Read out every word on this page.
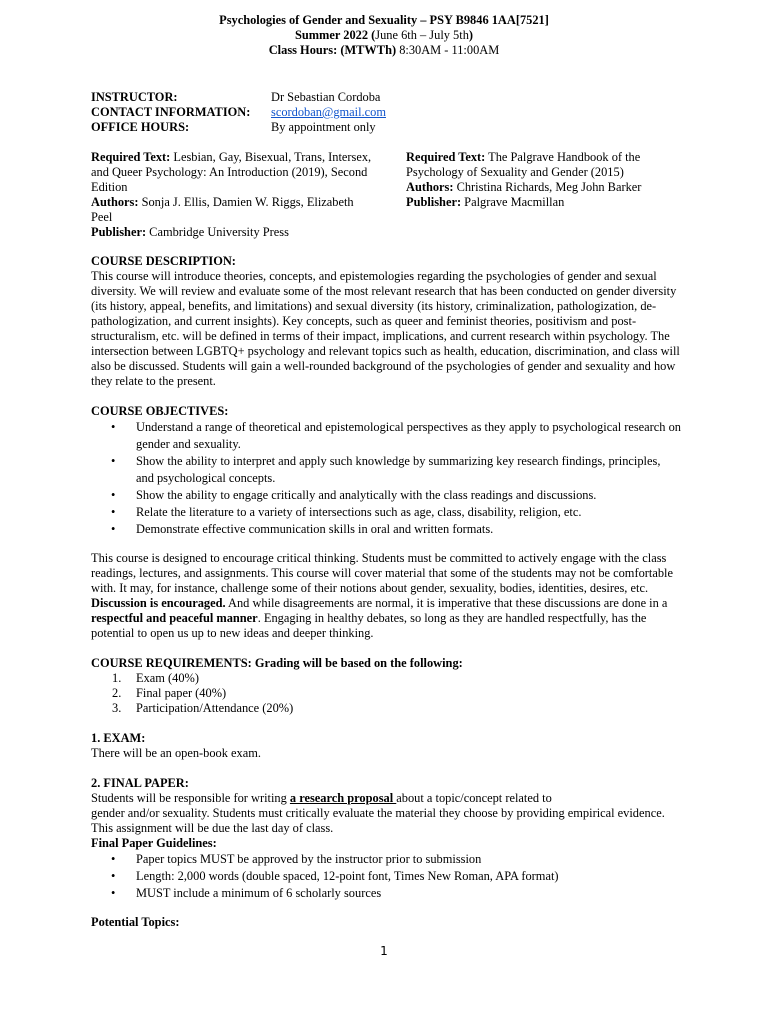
Psychologies of Gender and Sexuality – PSY B9846 1AA[7521]
Summer 2022 (June 6th – July 5th)
Class Hours: (MTWTh) 8:30AM - 11:00AM
INSTRUCTOR:	Dr Sebastian Cordoba
CONTACT INFORMATION: scordoban@gmail.com
OFFICE HOURS:	By appointment only

Required Text: Lesbian, Gay, Bisexual, Trans, Intersex, and Queer Psychology: An Introduction (2019), Second Edition

Authors: Sonja J. Ellis, Damien W. Riggs, Elizabeth Peel

Publisher: Cambridge University Press

Required Text: The Palgrave Handbook of the Psychology of Sexuality and Gender (2015)

Authors: Christina Richards, Meg John Barker

Publisher: Palgrave Macmillan

COURSE DESCRIPTION:

This course will introduce theories, concepts, and epistemologies regarding the psychologies of gender and sexual diversity. We will review and evaluate some of the most relevant research that has been conducted on gender diversity (its history, appeal, benefits, and limitations) and sexual diversity (its history, criminalization, pathologization, de-pathologization, and current insights). Key concepts, such as queer and feminist theories, positivism and post-structuralism, etc. will be defined in terms of their impact, implications, and current research within psychology. The intersection between LGBTQ+ psychology and relevant topics such as health, education, discrimination, and class will also be discussed. Students will gain a well-rounded background of the psychologies of gender and sexuality and how they relate to the present.

COURSE OBJECTIVES:
• Understand a range of theoretical and epistemological perspectives as they apply to psychological research on gender and sexuality.
• Show the ability to interpret and apply such knowledge by summarizing key research findings, principles, and psychological concepts.
• Show the ability to engage critically and analytically with the class readings and discussions.
• Relate the literature to a variety of intersections such as age, class, disability, religion, etc.
• Demonstrate effective communication skills in oral and written formats.

This course is designed to encourage critical thinking. Students must be committed to actively engage with the class readings, lectures, and assignments. This course will cover material that some of the students may not be comfortable with. It may, for instance, challenge some of their notions about gender, sexuality, bodies, identities, desires, etc. Discussion is encouraged. And while disagreements are normal, it is imperative that these discussions are done in a respectful and peaceful manner. Engaging in healthy debates, so long as they are handled respectfully, has the potential to open us up to new ideas and deeper thinking.

COURSE REQUIREMENTS: Grading will be based on the following:
1. Exam (40%)
2. Final paper (40%)
3. Participation/Attendance (20%)
1. EXAM:

There will be an open-book exam.

2. FINAL PAPER:

Students will be responsible for writing a research proposal about a topic/concept related to

gender and/or sexuality. Students must critically evaluate the material they choose by providing empirical evidence.

This assignment will be due the last day of class.

Final Paper Guidelines:
• Paper topics MUST be approved by the instructor prior to submission
• Length: 2,000 words (double spaced, 12-point font, Times New Roman, APA format)
• MUST include a minimum of 6 scholarly sources
Potential Topics:
1
